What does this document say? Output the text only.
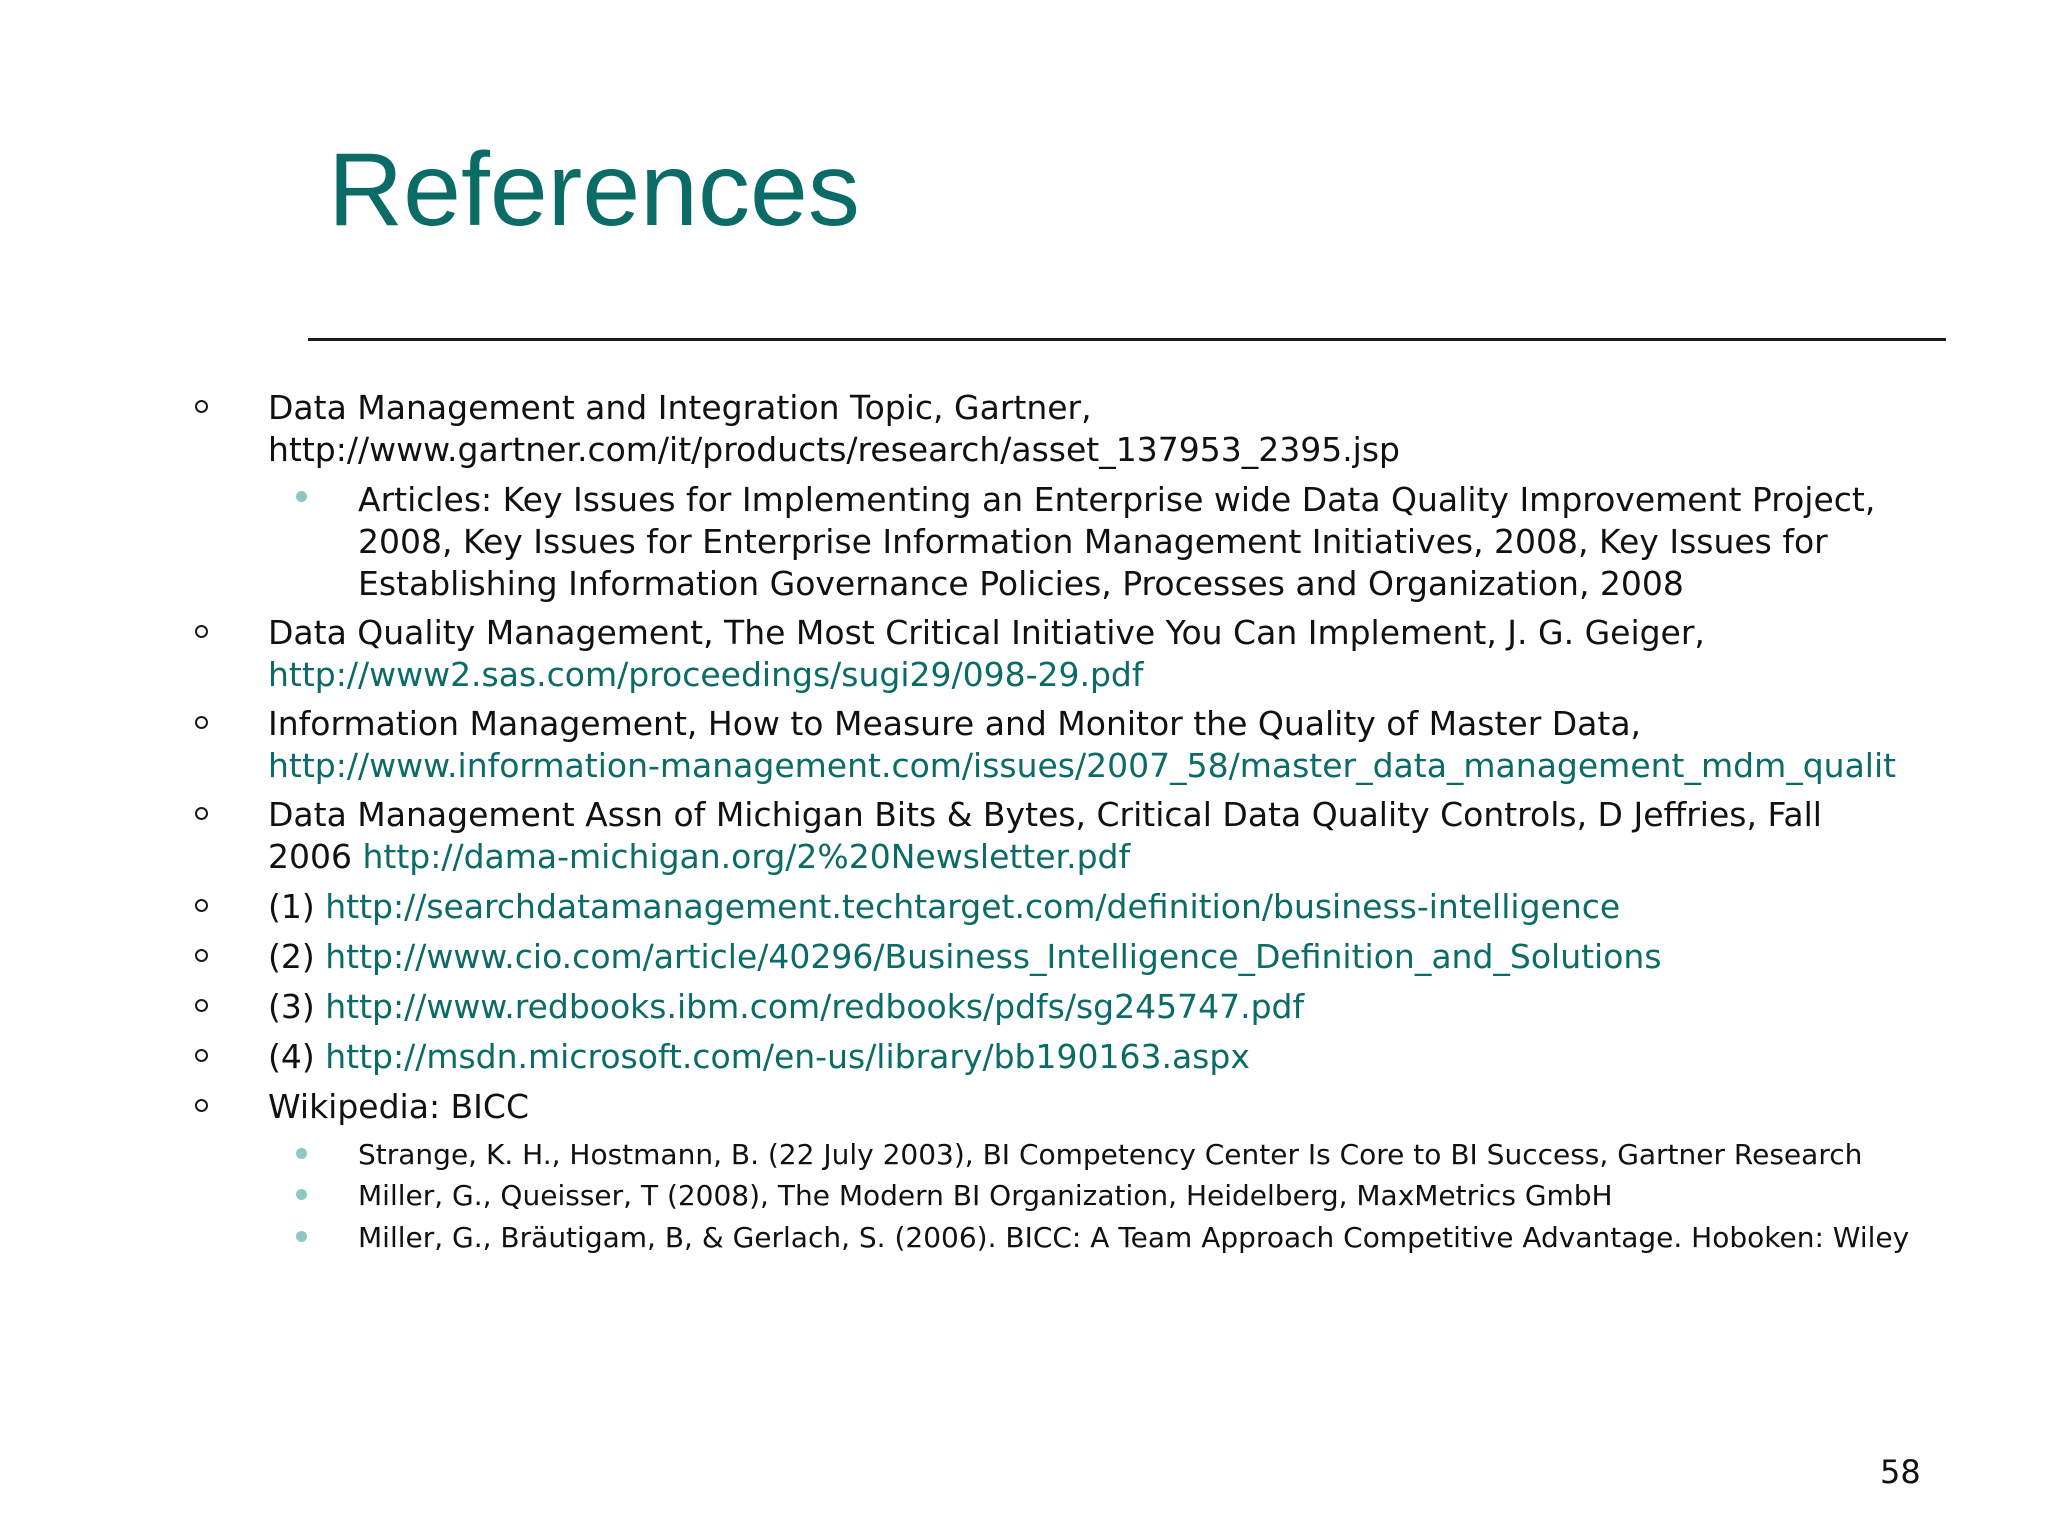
References

Data Management and Integration Topic, Gartner,

http://www.gartner.com/it/products/research/asset_137953_2395.jsp

Articles: Key Issues for Implementing an Enterprise wide Data Quality Improvement Project,

2008, Key Issues for Enterprise Information Management Initiatives, 2008, Key Issues for

Establishing Information Governance Policies, Processes and Organization, 2008

Data Quality Management, The Most Critical Initiative You Can Implement, J. G. Geiger,

http://www2.sas.com/proceedings/sugi29/098-29.pdf

Information Management, How to Measure and Monitor the Quality of Master Data,

http://www.information-management.com/issues/2007_58/master_data_management_mdm_qualit

Data Management Assn of Michigan Bits & Bytes, Critical Data Quality Controls, D Jeffries, Fall

2006 http://dama-michigan.org/2%20Newsletter.pdf

(1) http://searchdatamanagement.techtarget.com/definition/business-intelligence

(2) http://www.cio.com/article/40296/Business_Intelligence_Definition_and_Solutions

(3) http://www.redbooks.ibm.com/redbooks/pdfs/sg245747.pdf

(4) http://msdn.microsoft.com/en-us/library/bb190163.aspx

Wikipedia: BICC

Strange, K. H., Hostmann, B. (22 July 2003), BI Competency Center Is Core to BI Success, Gartner Research

Miller, G., Queisser, T (2008), The Modern BI Organization, Heidelberg, MaxMetrics GmbH

Miller, G., Bräutigam, B, & Gerlach, S. (2006). BICC: A Team Approach Competitive Advantage. Hoboken: Wiley

58
